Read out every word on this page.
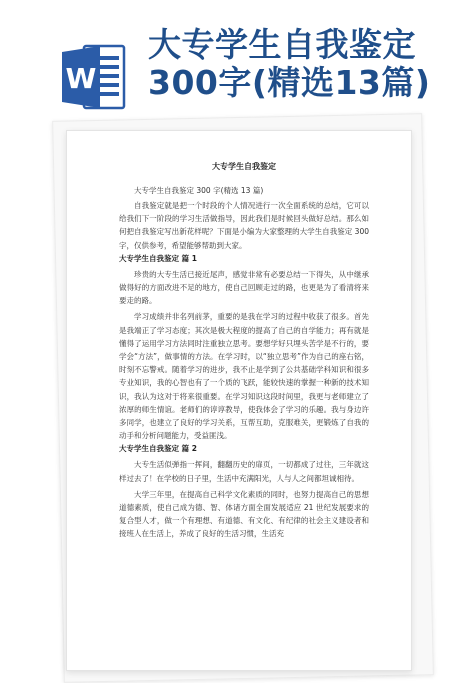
W
大专学生自我鉴定
300字(精选13篇)
大专学生自我鉴定

大专学生自我鉴定 300 字(精选 13 篇)

自我鉴定就是把一个时段的个人情况进行一次全面系统的总结，它可以给我们下一阶段的学习生活做指导，因此我们是时候回头做好总结。那么如何把自我鉴定写出新花样呢？下面是小编为大家整理的大学生自我鉴定 300 字，仅供参考，希望能够帮助到大家。

大专学生自我鉴定 篇 1

珍贵的大专生活已接近尾声，感觉非常有必要总结一下得失，从中继承做得好的方面改进不足的地方，使自己回顾走过的路，也更是为了看清将来要走的路。

学习成绩并非名列前茅，重要的是我在学习的过程中收获了很多。首先是我端正了学习态度；其次是极大程度的提高了自己的自学能力；再有就是懂得了运用学习方法同时注重独立思考。要想学好只埋头苦学是不行的，要学会“方法”，做事情的方法。在学习时，以“独立思考”作为自己的座右铭，时刻不忘警戒。随着学习的进步，我不止是学到了公共基础学科知识和很多专业知识，我的心智也有了一个质的飞跃，能较快速的掌握一种新的技术知识，我认为这对于将来很重要。在学习知识这段时间里，我更与老师建立了浓厚的师生情谊。老师们的谆谆教导，使我体会了学习的乐趣。我与身边许多同学，也建立了良好的学习关系，互帮互助，克服难关，更锻炼了自我的动手和分析问题能力，受益匪浅。

大专学生自我鉴定 篇 2

大专生活似弹指一挥间，翻翻历史的扉页，一切都成了过往，三年就这样过去了！在学校的日子里，生活中充满阳光，人与人之间都坦诚相待。

大学三年里，在提高自己科学文化素质的同时，也努力提高自己的思想道德素质，使自己成为德、智、体诸方面全面发展适应 21 世纪发展要求的复合型人才，做一个有理想、有道德、有文化、有纪律的社会主义建设者和接班人在生活上，养成了良好的生活习惯，生活充
